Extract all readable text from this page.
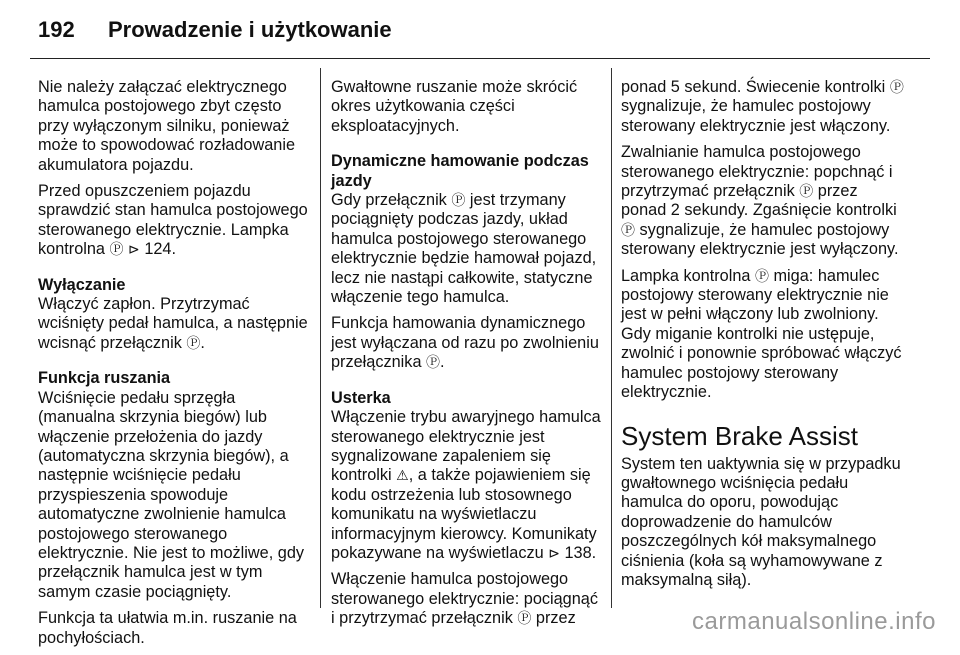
192	Prowadzenie i użytkowanie

Nie należy załączać elektrycznego hamulca postojowego zbyt często przy wyłączonym silniku, ponieważ może to spowodować rozładowanie akumulatora pojazdu.

Przed opuszczeniem pojazdu sprawdzić stan hamulca postojowego sterowanego elektrycznie. Lampka kontrolna Ⓟ ⊳ 124.

Wyłączanie

Włączyć zapłon. Przytrzymać wciśnięty pedał hamulca, a następnie wcisnąć przełącznik Ⓟ.

Funkcja ruszania

Wciśnięcie pedału sprzęgła (manualna skrzynia biegów) lub włączenie przełożenia do jazdy (automatyczna skrzynia biegów), a następnie wciśnięcie pedału przyspieszenia spowoduje automatyczne zwolnienie hamulca postojowego sterowanego elektrycznie. Nie jest to możliwe, gdy przełącznik hamulca jest w tym samym czasie pociągnięty.

Funkcja ta ułatwia m.in. ruszanie na pochyłościach.

Gwałtowne ruszanie może skrócić okres użytkowania części eksploatacyjnych.

Dynamiczne hamowanie podczas jazdy

Gdy przełącznik Ⓟ jest trzymany pociągnięty podczas jazdy, układ hamulca postojowego sterowanego elektrycznie będzie hamował pojazd, lecz nie nastąpi całkowite, statyczne włączenie tego hamulca.

Funkcja hamowania dynamicznego jest wyłączana od razu po zwolnieniu przełącznika Ⓟ.

Usterka

Włączenie trybu awaryjnego hamulca sterowanego elektrycznie jest sygnalizowane zapaleniem się kontrolki ⚠, a także pojawieniem się kodu ostrzeżenia lub stosownego komunikatu na wyświetlaczu informacyjnym kierowcy. Komunikaty pokazywane na wyświetlaczu ⊳ 138.

Włączenie hamulca postojowego sterowanego elektrycznie: pociągnąć i przytrzymać przełącznik Ⓟ przez

ponad 5 sekund. Świecenie kontrolki Ⓟ sygnalizuje, że hamulec postojowy sterowany elektrycznie jest włączony.

Zwalnianie hamulca postojowego sterowanego elektrycznie: popchnąć i przytrzymać przełącznik Ⓟ przez ponad 2 sekundy. Zgaśnięcie kontrolki Ⓟ sygnalizuje, że hamulec postojowy sterowany elektrycznie jest wyłączony.

Lampka kontrolna Ⓟ miga: hamulec postojowy sterowany elektrycznie nie jest w pełni włączony lub zwolniony. Gdy miganie kontrolki nie ustępuje, zwolnić i ponownie spróbować włączyć hamulec postojowy sterowany elektrycznie.

System Brake Assist

System ten uaktywnia się w przypadku gwałtownego wciśnięcia pedału hamulca do oporu, powodując doprowadzenie do hamulców poszczególnych kół maksymalnego ciśnienia (koła są wyhamowywane z maksymalną siłą).

carmanualsonline.info
